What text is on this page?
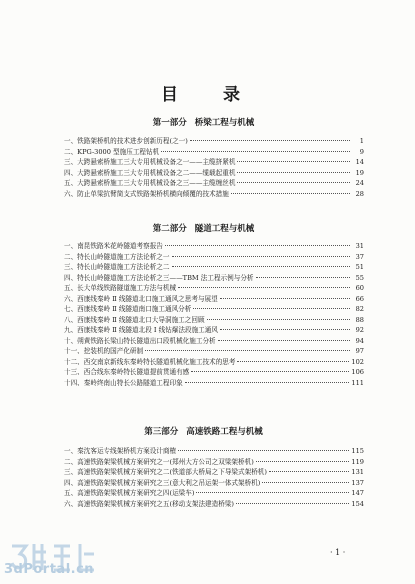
目　录
第一部分 桥梁工程与机械
一、铁路架桥机的技术进步创新历程(之一)	1
二、KPG-3000 型施压工程钻机	9
三、大跨悬索桥施工三大专用机械设备之一——主缆挤紧机	14
四、大跨悬索桥施工三大专用机械设备之二——缆载起重机	19
五、大跨悬索桥施工三大专用机械设备之三——主缆缠丝机	24
六、防止单梁抗臂简支式铁路架桥机横向倾覆的技术措施	28
第二部分 隧道工程与机械
一、南昆铁路米花岭隧道考察报告	31
二、特长山岭隧道施工方法论析之一	37
三、特长山岭隧道施工方法论析之二	51
四、特长山岭隧道施工方法论析之三——TBM 法工程示例与分析	55
五、长大单线铁路隧道施工方法与机械	60
六、西康线秦岭 Ⅱ 线隧道北口施工通风之思考与展望	66
七、西康线秦岭 Ⅱ 线隧道南口施工通风分析	82
八、西康线秦岭 Ⅱ 线隧道北口大导洞施工之回顾	88
九、西康线秦岭 Ⅱ 线隧道北段 Ⅰ 线钻爆法段施工通风	92
十、朔黄铁路长梁山特长隧道出口段机械化施工分析	94
十一、挖装机的国产化研制	97
十二、西交南京新线东秦岭特长隧道机械化施工技术的思考	102
十三、西合线东秦岭特长隧道提前贯通有感	106
十四、秦岭终南山特长公路隧道工程印象	111
第三部分 高速铁路工程与机械
一、秦沈客运专线架桥机方案设计商榷	115
二、高速铁路架梁机械方案研究之一(郑州大方公司之双梁架桥机)	119
三、高速铁路架梁机械方案研究之二(铁道部大桥局之下导梁式架桥机)	131
四、高速铁路架梁机械方案研究之三(意大利之吊运架一体式架桥机)	137
五、高速铁路架梁机械方案研究之四(运梁车)	147
六、高速铁路架梁机械方案研究之五(移动支架法建造桥梁)	154
· 1 ·
3dPortal.cn
